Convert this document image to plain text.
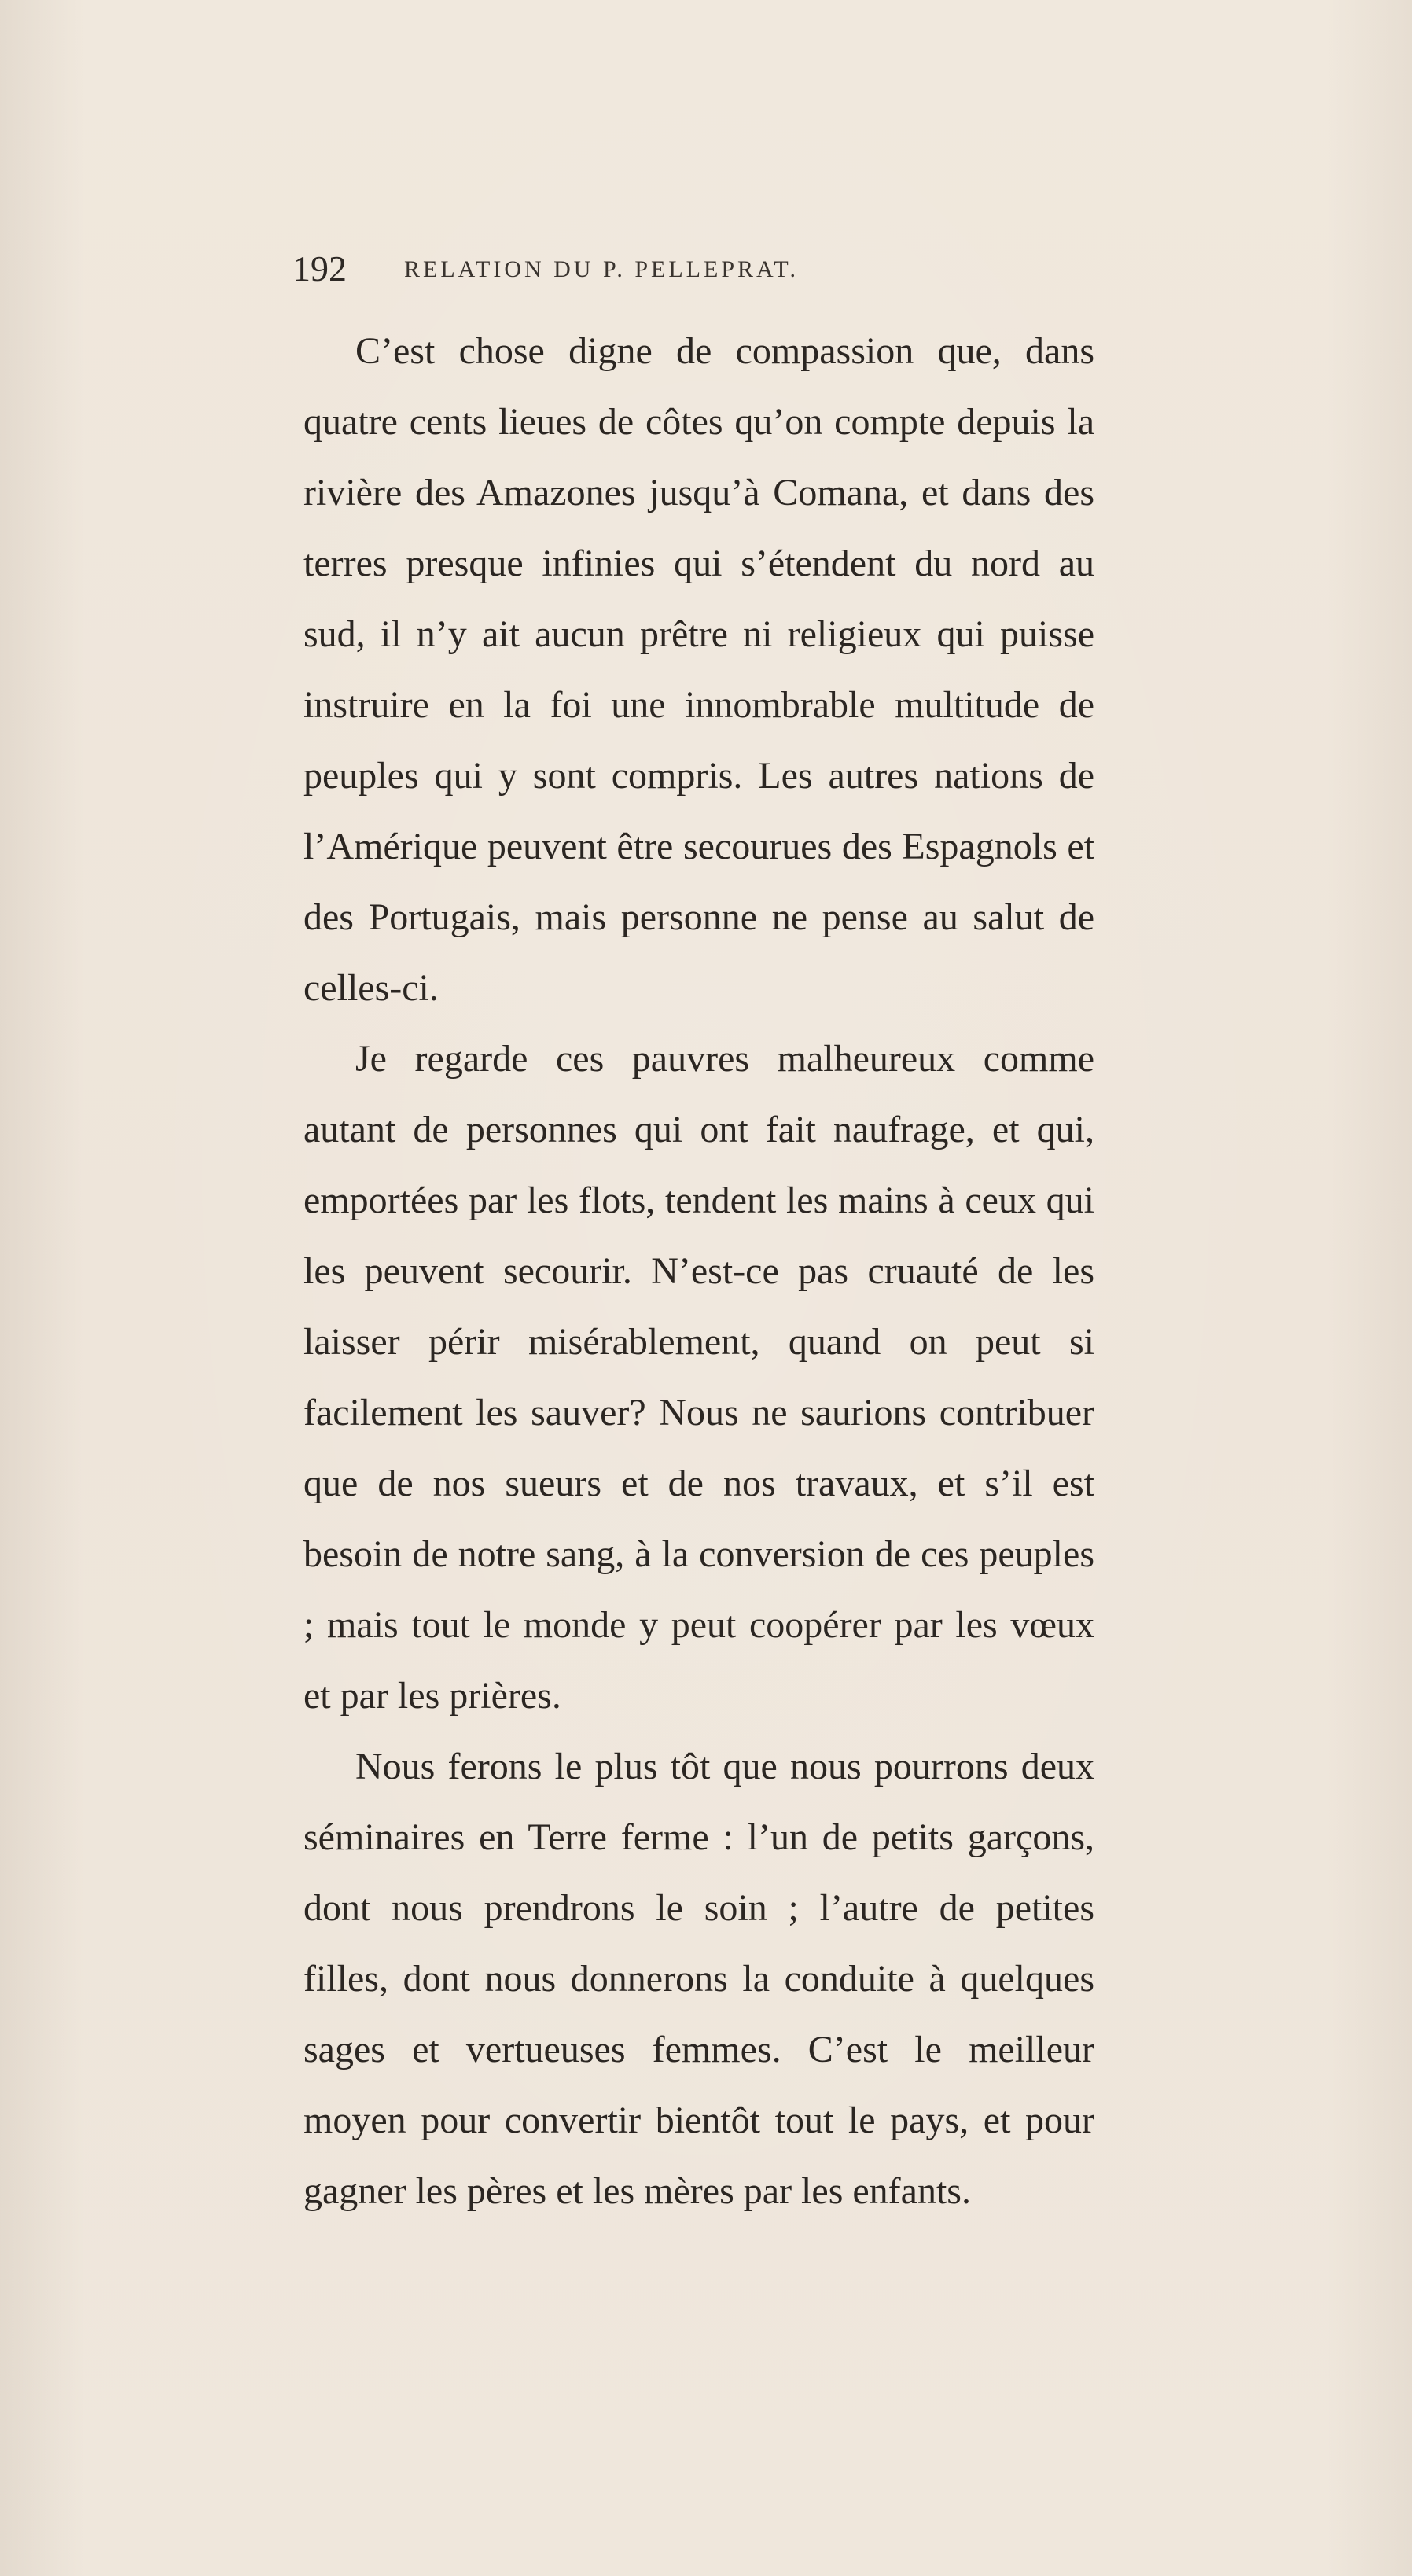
192 RELATION DU P. PELLEPRAT.

C’est chose digne de compassion que, dans quatre cents lieues de côtes qu’on compte depuis la rivière des Amazones jusqu’à Comana, et dans des terres presque infinies qui s’étendent du nord au sud, il n’y ait aucun prêtre ni religieux qui puisse instruire en la foi une innombrable multitude de peuples qui y sont compris. Les autres nations de l’Amérique peuvent être secourues des Espagnols et des Portugais, mais personne ne pense au salut de celles-ci.

Je regarde ces pauvres malheureux comme autant de personnes qui ont fait naufrage, et qui, emportées par les flots, tendent les mains à ceux qui les peuvent secourir. N’est-ce pas cruauté de les laisser périr misérablement, quand on peut si facilement les sauver? Nous ne saurions contribuer que de nos sueurs et de nos travaux, et s’il est besoin de notre sang, à la conversion de ces peuples ; mais tout le monde y peut coopérer par les vœux et par les prières.

Nous ferons le plus tôt que nous pourrons deux séminaires en Terre ferme : l’un de petits garçons, dont nous prendrons le soin ; l’autre de petites filles, dont nous donnerons la conduite à quelques sages et vertueuses femmes. C’est le meilleur moyen pour convertir bientôt tout le pays, et pour gagner les pères et les mères par les enfants.
